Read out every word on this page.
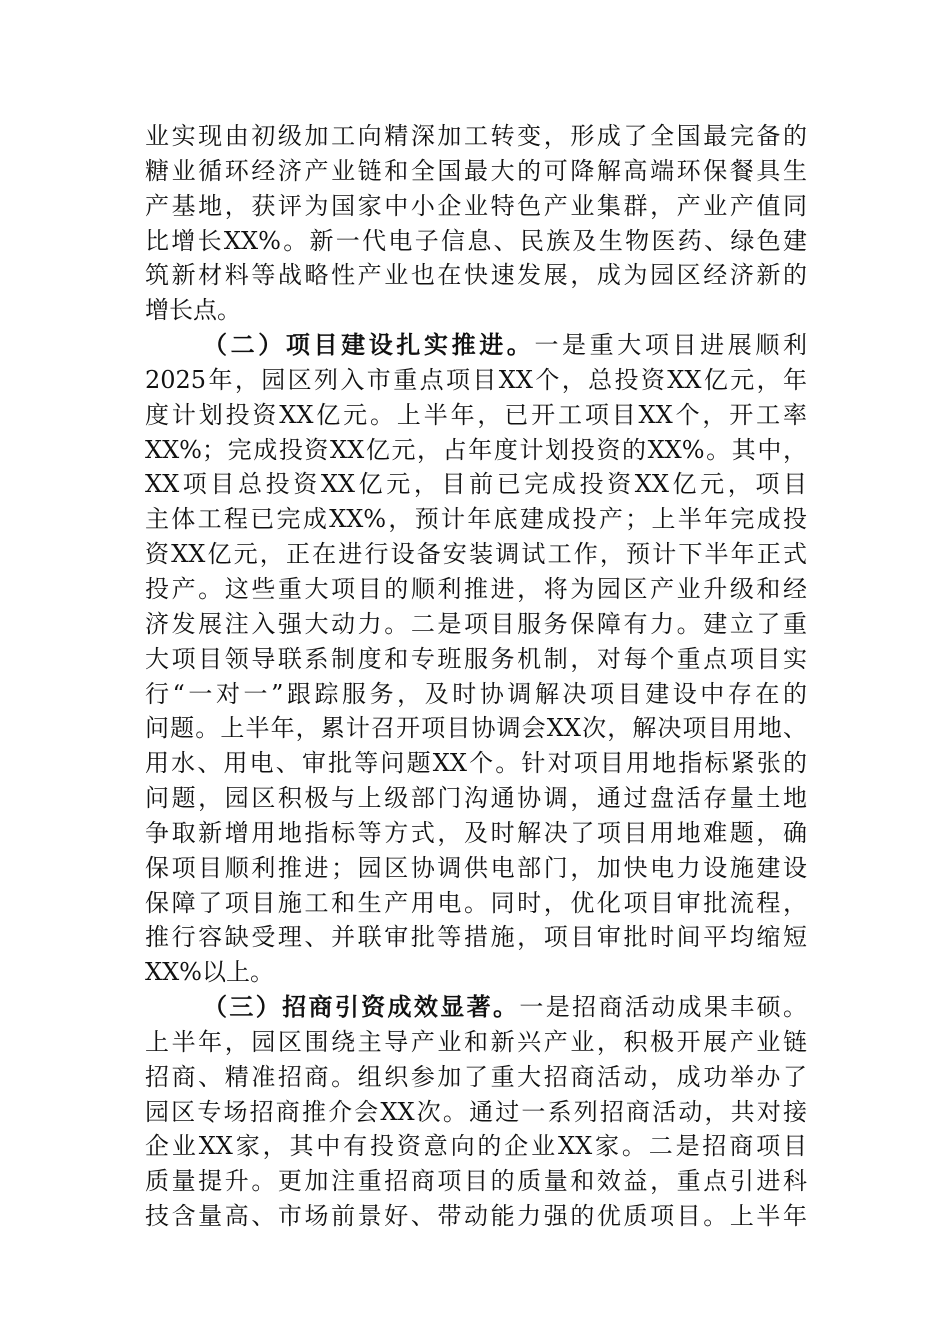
业实现由初级加工向精深加工转变，形成了全国最完备的
糖业循环经济产业链和全国最大的可降解高端环保餐具生
产基地，获评为国家中小企业特色产业集群，产业产值同
比增长XX%。新一代电子信息、民族及生物医药、绿色建
筑新材料等战略性产业也在快速发展，成为园区经济新的
增长点。
（二）项目建设扎实推进。一是重大项目进展顺利
2025年，园区列入市重点项目XX个，总投资XX亿元，年
度计划投资XX亿元。上半年，已开工项目XX个，开工率
XX%；完成投资XX亿元，占年度计划投资的XX%。其中，
XX项目总投资XX亿元，目前已完成投资XX亿元，项目
主体工程已完成XX%，预计年底建成投产；上半年完成投
资XX亿元，正在进行设备安装调试工作，预计下半年正式
投产。这些重大项目的顺利推进，将为园区产业升级和经
济发展注入强大动力。二是项目服务保障有力。建立了重
大项目领导联系制度和专班服务机制，对每个重点项目实
行“一对一”跟踪服务，及时协调解决项目建设中存在的
问题。上半年，累计召开项目协调会XX次，解决项目用地、
用水、用电、审批等问题XX个。针对项目用地指标紧张的
问题，园区积极与上级部门沟通协调，通过盘活存量土地
争取新增用地指标等方式，及时解决了项目用地难题，确
保项目顺利推进；园区协调供电部门，加快电力设施建设
保障了项目施工和生产用电。同时，优化项目审批流程，
推行容缺受理、并联审批等措施，项目审批时间平均缩短
XX%以上。
（三）招商引资成效显著。一是招商活动成果丰硕。
上半年，园区围绕主导产业和新兴产业，积极开展产业链
招商、精准招商。组织参加了重大招商活动，成功举办了
园区专场招商推介会XX次。通过一系列招商活动，共对接
企业XX家，其中有投资意向的企业XX家。二是招商项目
质量提升。更加注重招商项目的质量和效益，重点引进科
技含量高、市场前景好、带动能力强的优质项目。上半年
